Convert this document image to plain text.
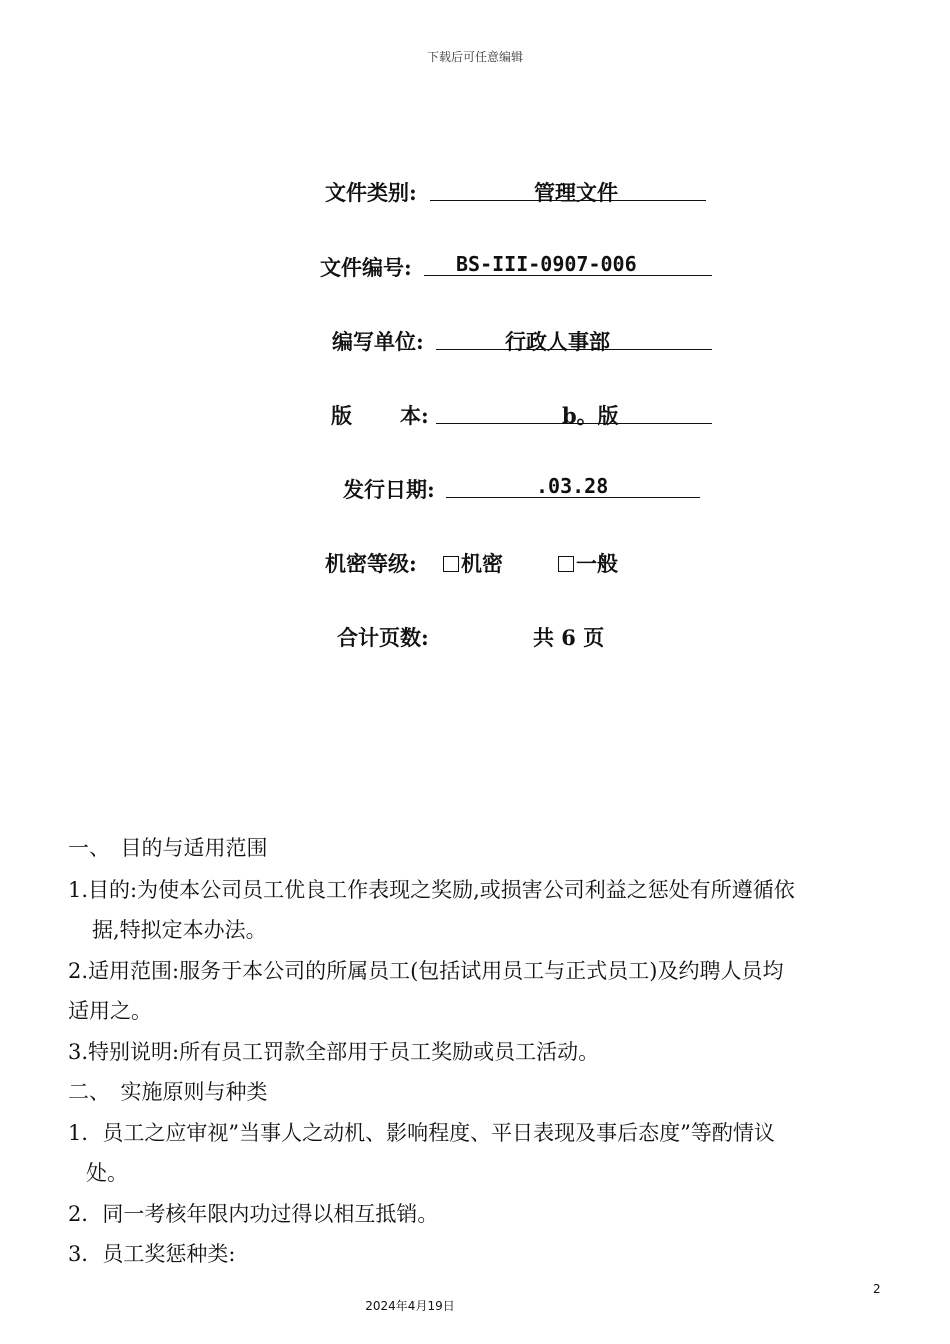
下载后可任意编辑
文件类别:	管理文件
文件编号: BS-III-0907-006
编写单位:	行政人事部
版 本:	b。版
发行日期:	.03.28
机密等级:	机密	一般
合计页数:	共 6 页
一、　目的与适用范围
1.目的:为使本公司员工优良工作表现之奖励,或损害公司利益之惩处有所遵循依
据,特拟定本办法。
2.适用范围:服务于本公司的所属员工(包括试用员工与正式员工)及约聘人员均
适用之。
3.特别说明:所有员工罚款全部用于员工奖励或员工活动。
二、　实施原则与种类
1．员工之应审视”当事人之动机、影响程度、平日表现及事后态度”等酌情议
处。
2．同一考核年限内功过得以相互抵销。
3．员工奖惩种类:
2
2024年4月19日
